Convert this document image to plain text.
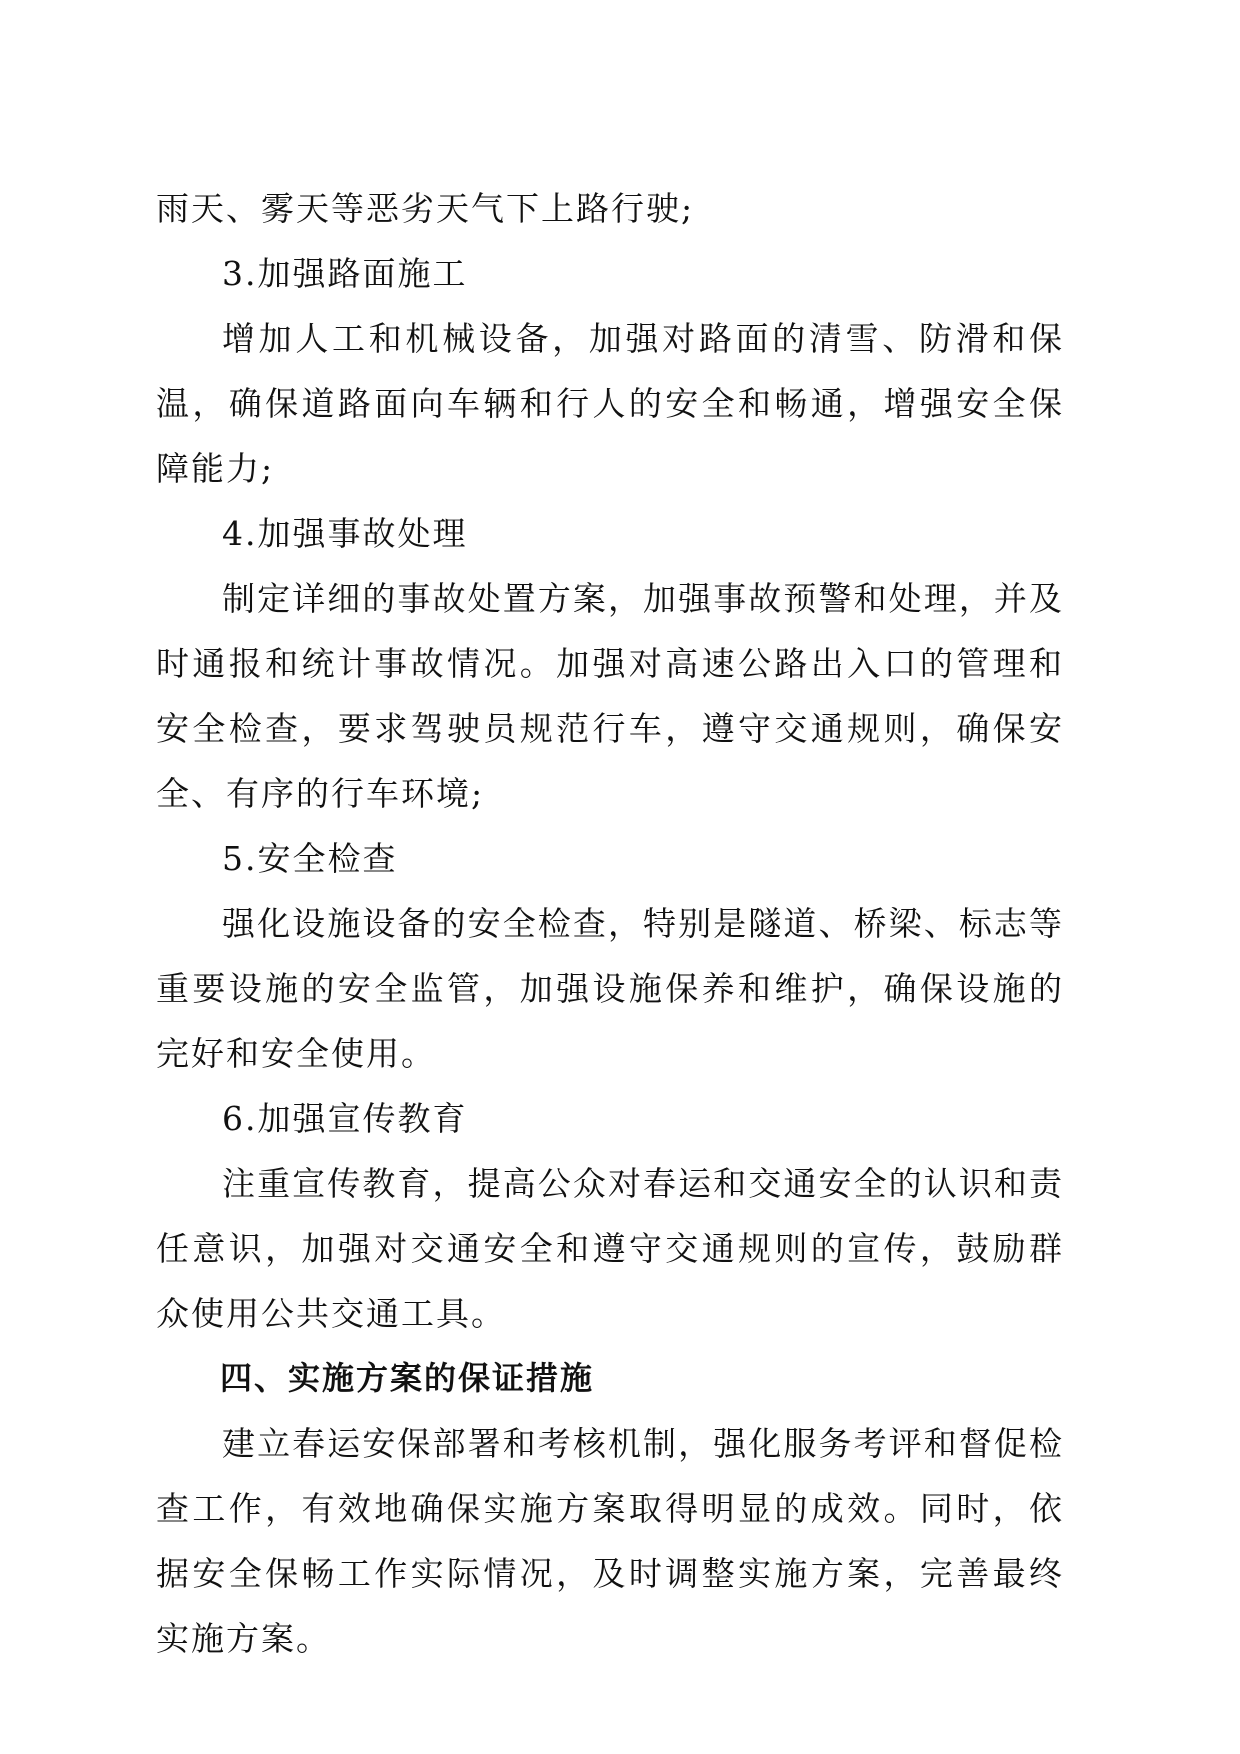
雨天、雾天等恶劣天气下上路行驶;

3.加强路面施工

增加人工和机械设备，加强对路面的清雪、防滑和保温，确保道路面向车辆和行人的安全和畅通，增强安全保障能力;

4.加强事故处理

制定详细的事故处置方案，加强事故预警和处理，并及时通报和统计事故情况。加强对高速公路出入口的管理和安全检查，要求驾驶员规范行车，遵守交通规则，确保安全、有序的行车环境;

5.安全检查

强化设施设备的安全检查，特别是隧道、桥梁、标志等重要设施的安全监管，加强设施保养和维护，确保设施的完好和安全使用。

6.加强宣传教育

注重宣传教育，提高公众对春运和交通安全的认识和责任意识，加强对交通安全和遵守交通规则的宣传，鼓励群众使用公共交通工具。

四、实施方案的保证措施

建立春运安保部署和考核机制，强化服务考评和督促检查工作，有效地确保实施方案取得明显的成效。同时，依据安全保畅工作实际情况，及时调整实施方案，完善最终实施方案。
